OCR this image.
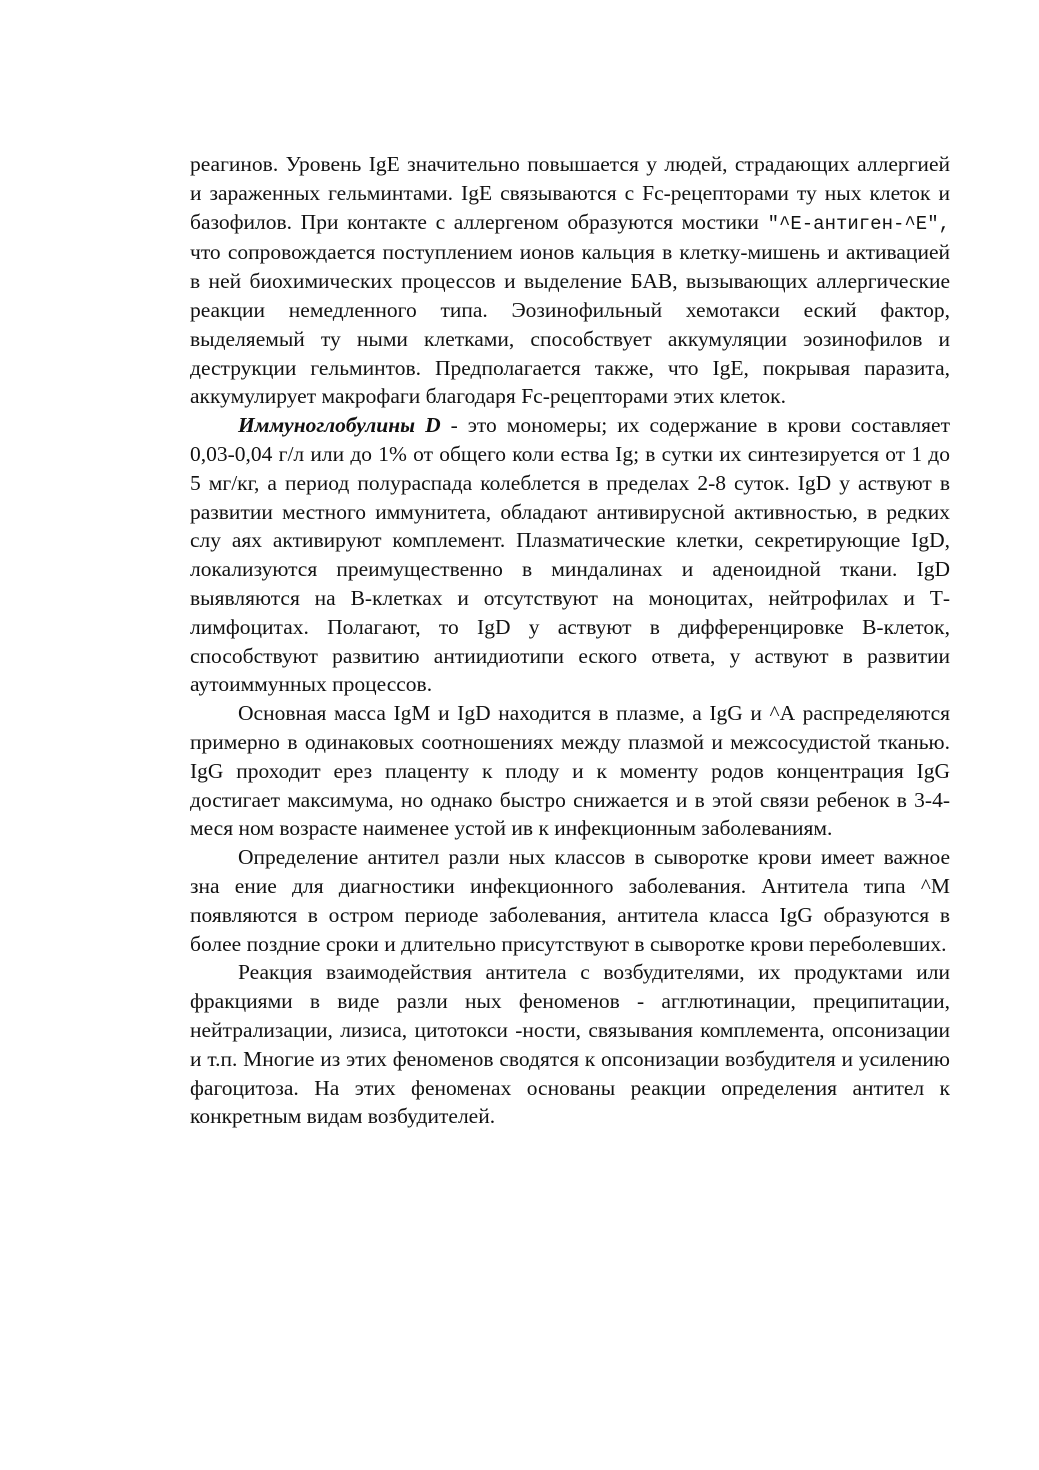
реагинов. Уровень IgE значительно повышается у людей, страдающих аллергией и зараженных гельминтами. IgE связываются с Fc-рецепторами ту ных клеток и базофилов. При контакте с аллергеном образуются мостики "^E-антиген-^E", что сопровождается поступлением ионов кальция в клетку-мишень и активацией в ней биохимических процессов и выделение БАВ, вызывающих аллергические реакции немедленного типа. Эозинофильный хемотакси еский фактор, выделяемый ту ными клетками, способствует аккумуляции эозинофилов и деструкции гельминтов. Предполагается также, что IgE, покрывая паразита, аккумулирует макрофаги благодаря Fc-рецепторами этих клеток.

Иммуноглобулины D - это мономеры; их содержание в крови составляет 0,03-0,04 г/л или до 1% от общего коли ества Ig; в сутки их синтезируется от 1 до 5 мг/кг, а период полураспада колеблется в пределах 2-8 суток. IgD у аствуют в развитии местного иммунитета, обладают антивирусной активностью, в редких слу аях активируют комплемент. Плазматические клетки, секретирующие IgD, локализуются преимущественно в миндалинах и аденоидной ткани. IgD выявляются на В-клетках и отсутствуют на моноцитах, нейтрофилах и Т-лимфоцитах. Полагают, то IgD у аствуют в дифференцировке В-клеток, способствуют развитию антиидиотипи еского ответа, у аствуют в развитии аутоиммунных процессов.

Основная масса IgM и IgD находится в плазме, а IgG и ^А распределяются примерно в одинаковых соотношениях между плазмой и межсосудистой тканью. IgG проходит ерез плаценту к плоду и к моменту родов концентрация IgG достигает максимума, но однако быстро снижается и в этой связи ребенок в 3-4-меся ном возрасте наименее устой ив к инфекционным заболеваниям.

Определение антител разли ных классов в сыворотке крови имеет важное зна ение для диагностики инфекционного заболевания. Антитела типа ^М появляются в остром периоде заболевания, антитела класса IgG образуются в более поздние сроки и длительно присутствуют в сыворотке крови переболевших.

Реакция взаимодействия антитела с возбудителями, их продуктами или фракциями в виде разли ных феноменов - агглютинации, преципитации, нейтрализации, лизиса, цитотокси -ности, связывания комплемента, опсонизации и т.п. Многие из этих феноменов сводятся к опсонизации возбудителя и усилению фагоцитоза. На этих феноменах основаны реакции определения антител к конкретным видам возбудителей.
